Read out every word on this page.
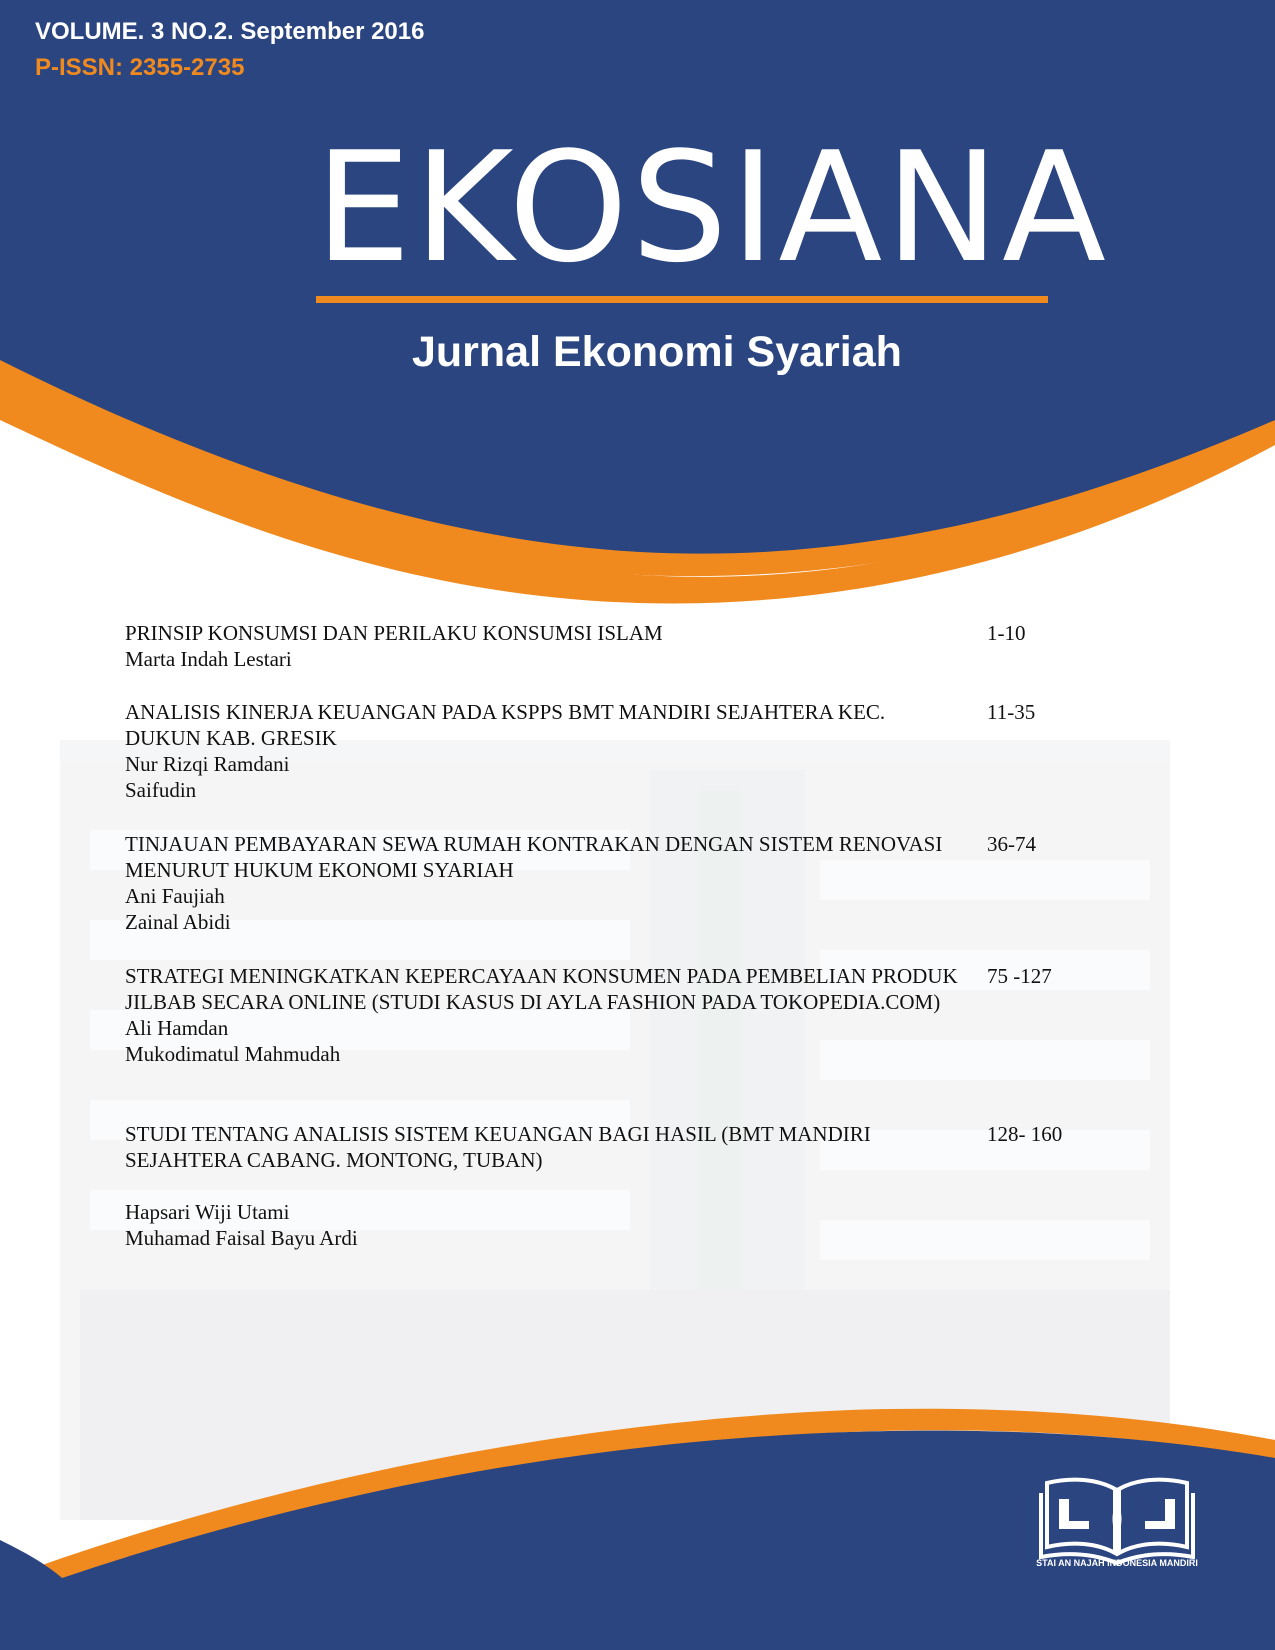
VOLUME. 3 NO.2. September 2016
P-ISSN: 2355-2735
EKOSIANA
Jurnal Ekonomi Syariah
PRINSIP KONSUMSI DAN PERILAKU KONSUMSI ISLAM	1-10
Marta Indah Lestari
ANALISIS KINERJA KEUANGAN PADA KSPPS BMT MANDIRI SEJAHTERA KEC. DUKUN KAB. GRESIK
11-35
Nur Rizqi Ramdani
Saifudin
TINJAUAN PEMBAYARAN SEWA RUMAH KONTRAKAN DENGAN SISTEM RENOVASI MENURUT HUKUM EKONOMI SYARIAH
36-74
Ani Faujiah
Zainal Abidi
STRATEGI MENINGKATKAN KEPERCAYAAN KONSUMEN PADA PEMBELIAN PRODUK JILBAB SECARA ONLINE (STUDI KASUS DI AYLA FASHION PADA TOKOPEDIA.COM)
75 -127
Ali Hamdan
Mukodimatul Mahmudah
STUDI TENTANG ANALISIS SISTEM KEUANGAN BAGI HASIL (BMT MANDIRI SEJAHTERA CABANG. MONTONG, TUBAN)
128- 160
Hapsari Wiji Utami
Muhamad Faisal Bayu Ardi
STAI AN NAJAH INDONESIA MANDIRI
